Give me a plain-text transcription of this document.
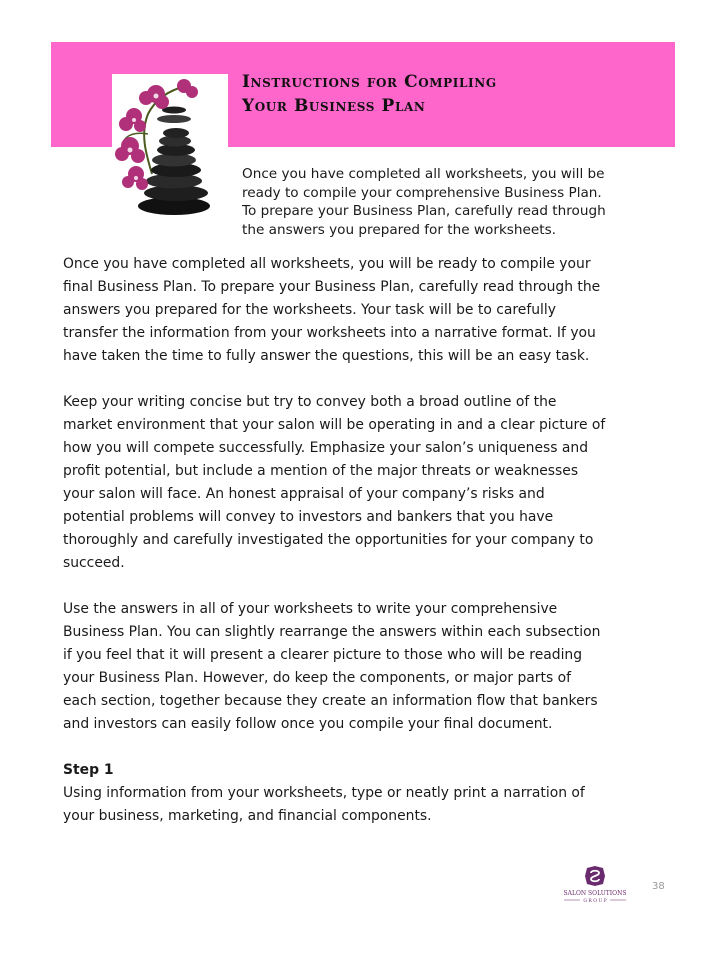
Instructions for Compiling
Your Business Plan

Once you have completed all worksheets, you will be
ready to compile your comprehensive Business Plan.
To prepare your Business Plan, carefully read through
the answers you prepared for the worksheets.

Once you have completed all worksheets, you will be ready to compile your
final Business Plan. To prepare your Business Plan, carefully read through the
answers you prepared for the worksheets. Your task will be to carefully
transfer the information from your worksheets into a narrative format. If you
have taken the time to fully answer the questions, this will be an easy task.

Keep your writing concise but try to convey both a broad outline of the
market environment that your salon will be operating in and a clear picture of
how you will compete successfully. Emphasize your salon’s uniqueness and
profit potential, but include a mention of the major threats or weaknesses
your salon will face. An honest appraisal of your company’s risks and
potential problems will convey to investors and bankers that you have
thoroughly and carefully investigated the opportunities for your company to
succeed.

Use the answers in all of your worksheets to write your comprehensive
Business Plan. You can slightly rearrange the answers within each subsection
if you feel that it will present a clearer picture to those who will be reading
your Business Plan. However, do keep the components, or major parts of
each section, together because they create an information flow that bankers
and investors can easily follow once you compile your final document.

Step 1
Using information from your worksheets, type or neatly print a narration of
your business, marketing, and financial components.

SALON SOLUTIONS
G R O U P
38
